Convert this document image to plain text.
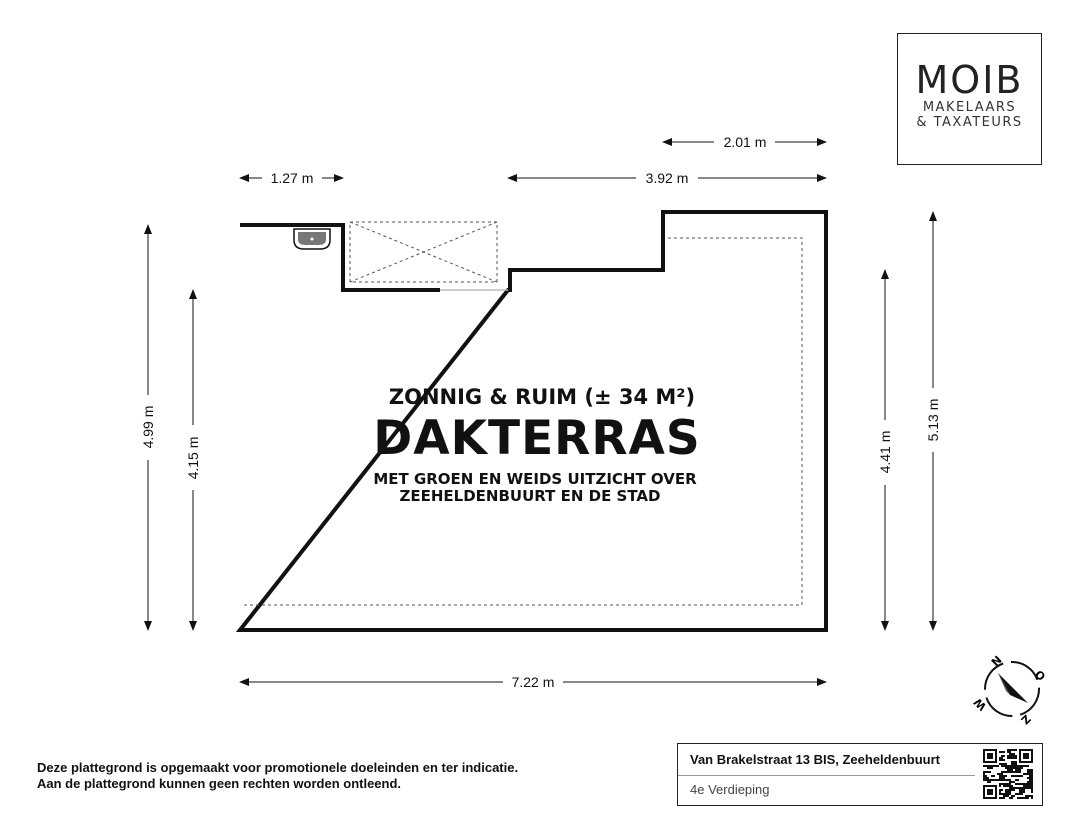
1.27 m	3.92 m
2.01 m
7.22 m
4.99 m
4.15 m	4.41 m
5.13 m
ZONNIG & RUIM (± 34 M²)
DAKTERRAS
MET GROEN EN WEIDS UITZICHT OVER
ZEEHELDENBUURT EN DE STAD
N
O
Z
W
MOIB
MAKELAARS
& TAXATEURS
Deze plattegrond is opgemaakt voor promotionele doeleinden en ter indicatie.
Aan de plattegrond kunnen geen rechten worden ontleend.
Van Brakelstraat 13 BIS, Zeeheldenbuurt
4e Verdieping
